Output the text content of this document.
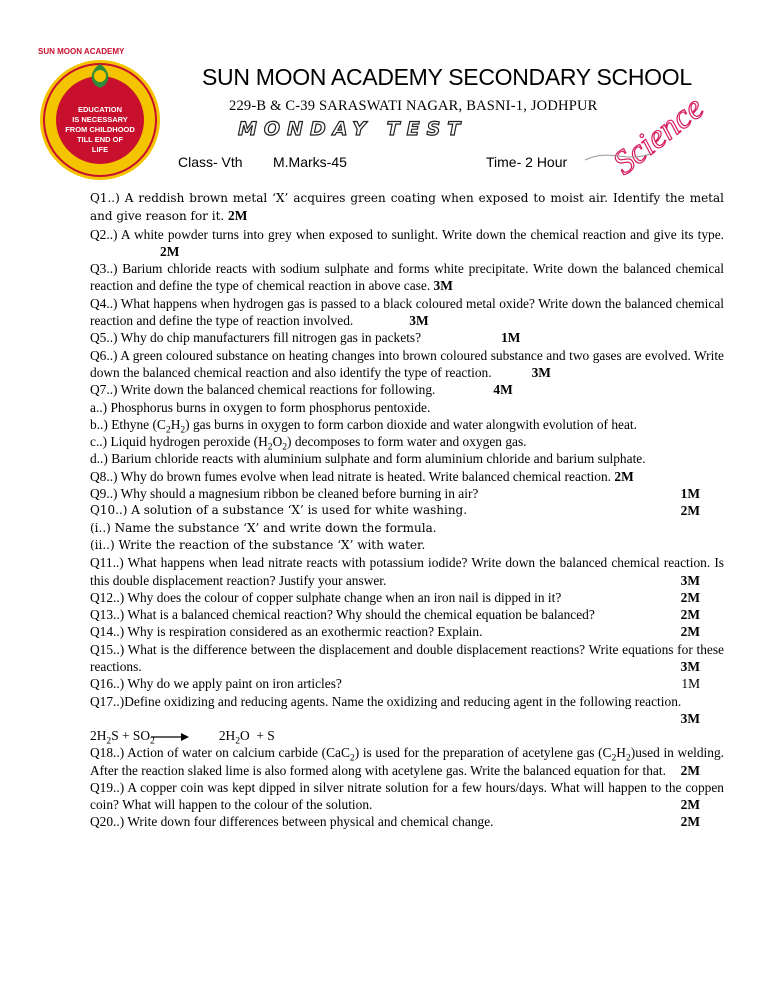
SUN MOON ACADEMY
EDUCATION
IS NECESSARY
FROM CHILDHOOD
TILL END OF
LIFE
SUN MOON ACADEMY SECONDARY SCHOOL
229-B & C-39 SARASWATI NAGAR, BASNI-1, JODHPUR
MONDAY TEST	Science
Class- Vth M.Marks-45	Time- 2 Hour

Q1..) A reddish brown metal ‘X’ acquires green coating when exposed to moist air. Identify the metal and give reason for it. 2M

Q2..) A white powder turns into grey when exposed to sunlight. Write down the chemical reaction and give its type.2M

Q3..) Barium chloride reacts with sodium sulphate and forms white precipitate. Write down the balanced chemical reaction and define the type of chemical reaction in above case. 3M

Q4..) What happens when hydrogen gas is passed to a black coloured metal oxide? Write down the balanced chemical reaction and define the type of reaction involved.	3M

Q5..) Why do chip manufacturers fill nitrogen gas in packets?	1M

Q6..) A green coloured substance on heating changes into brown coloured substance and two gases are evolved. Write down the balanced chemical reaction and also identify the type of reaction.	3M

Q7..) Write down the balanced chemical reactions for following.	4M

a..) Phosphorus burns in oxygen to form phosphorus pentoxide.

b..) Ethyne $(C_2H_2)$ gas burns in oxygen to form carbon dioxide and water alongwith evolution of heat.

c..) Liquid hydrogen peroxide $(H_2O_2)$ decomposes to form water and oxygen gas.

d..) Barium chloride reacts with aluminium sulphate and form aluminium chloride and barium sulphate.

Q8..) Why do brown fumes evolve when lead nitrate is heated. Write balanced chemical reaction. 2M

1M
Q9..) Why should a magnesium ribbon be cleaned before burning in air?

2M
Q10..) A solution of a substance ‘X’ is used for white washing.

(i..) Name the substance ‘X’ and write down the formula.

(ii..) Write the reaction of the substance ‘X’ with water.

Q11..) What happens when lead nitrate reacts with potassium iodide? Write down the balanced chemical reaction. Is this double displacement reaction? Justify your answer.	3M

2M
Q12..) Why does the colour of copper sulphate change when an iron nail is dipped in it?

2M
Q13..) What is a balanced chemical reaction? Why should the chemical equation be balanced?

2M
Q14..) Why is respiration considered as an exothermic reaction? Explain.

Q15..) What is the difference between the displacement and double displacement reactions? Write equations for these reactions.	3M

1M
Q16..) Why do we apply paint on iron articles?

Q17..)Define oxidizing and reducing agents. Name the oxidizing and reducing agent in the following reaction.
3M

$2H_2S + SO_2$	$2H_2O + S$

Q18..) Action of water on calcium carbide (CaC$_2$) is used for the preparation of acetylene gas $(C_2H_2)used$ in welding. After the reaction slaked lime is also formed along with acetylene gas. Write the balanced equation for that. 2M

Q19..) A copper coin was kept dipped in silver nitrate solution for a few hours/days. What will happen to the coppen coin? What will happen to the colour of the solution.	2M

2M
Q20..) Write down four differences between physical and chemical change.
